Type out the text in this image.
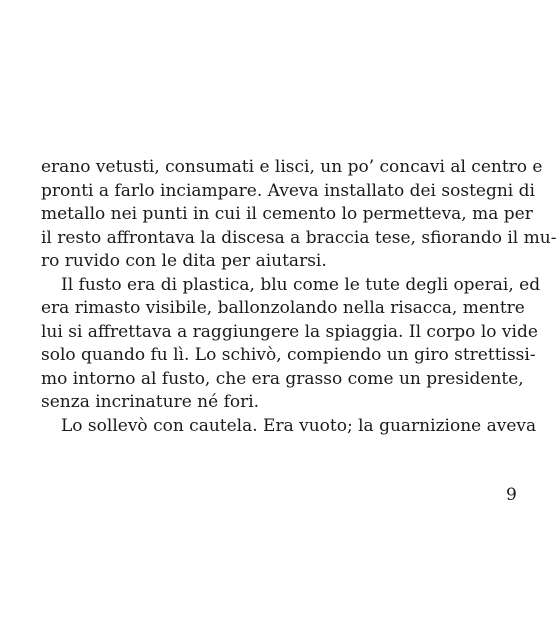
erano vetusti, consumati e lisci, un po’ concavi al centro e
pronti a farlo inciampare. Aveva installato dei sostegni di
metallo nei punti in cui il cemento lo permetteva, ma per
il resto affrontava la discesa a braccia tese, sfiorando il mu-
ro ruvido con le dita per aiutarsi.
Il fusto era di plastica, blu come le tute degli operai, ed
era rimasto visibile, ballonzolando nella risacca, mentre
lui si affrettava a raggiungere la spiaggia. Il corpo lo vide
solo quando fu lì. Lo schivò, compiendo un giro strettissi-
mo intorno al fusto, che era grasso come un presidente,
senza incrinature né fori.
Lo sollevò con cautela. Era vuoto; la guarnizione aveva
9
